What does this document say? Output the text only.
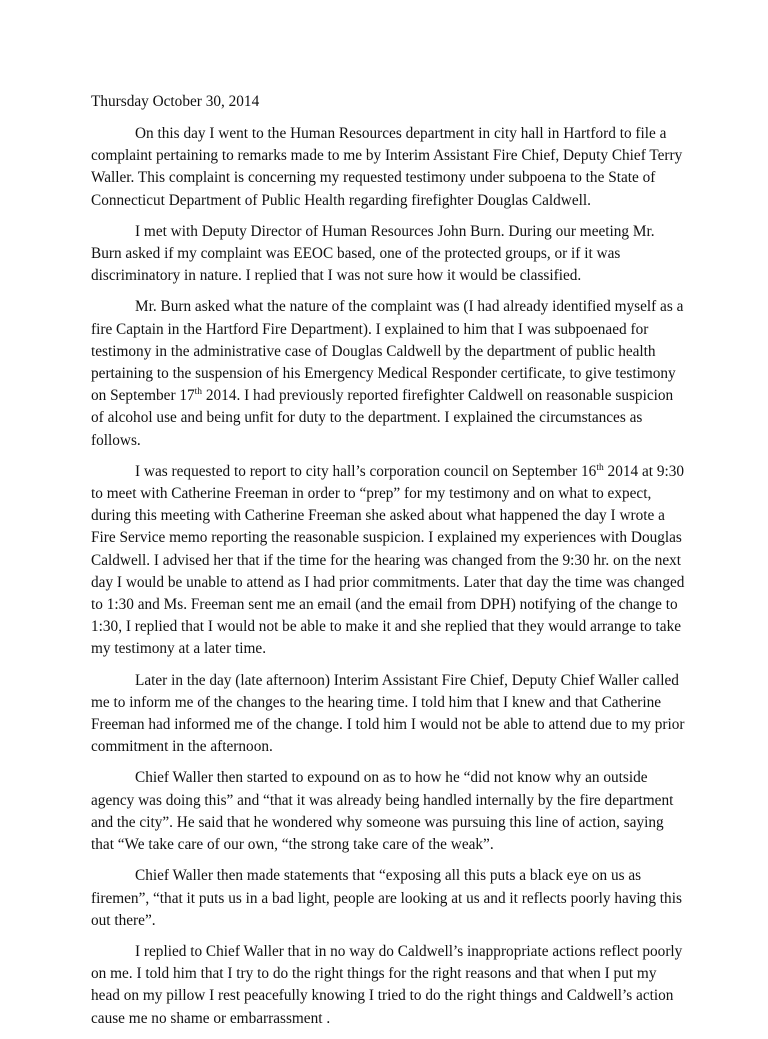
Thursday October 30, 2014

On this day I went to the Human Resources department in city hall in Hartford to file a complaint pertaining to remarks made to me by Interim Assistant Fire Chief, Deputy Chief Terry Waller. This complaint is concerning my requested testimony under subpoena to the State of Connecticut Department of Public Health regarding firefighter Douglas Caldwell.

I met with Deputy Director of Human Resources John Burn. During our meeting Mr. Burn asked if my complaint was EEOC based, one of the protected groups, or if it was discriminatory in nature. I replied that I was not sure how it would be classified.

Mr. Burn asked what the nature of the complaint was (I had already identified myself as a fire Captain in the Hartford Fire Department). I explained to him that I was subpoenaed for testimony in the administrative case of Douglas Caldwell by the department of public health pertaining to the suspension of his Emergency Medical Responder certificate, to give testimony on September 17th 2014. I had previously reported firefighter Caldwell on reasonable suspicion of alcohol use and being unfit for duty to the department. I explained the circumstances as follows.

I was requested to report to city hall’s corporation council on September 16th 2014 at 9:30 to meet with Catherine Freeman in order to “prep” for my testimony and on what to expect, during this meeting with Catherine Freeman she asked about what happened the day I wrote a Fire Service memo reporting the reasonable suspicion. I explained my experiences with Douglas Caldwell. I advised her that if the time for the hearing was changed from the 9:30 hr. on the next day I would be unable to attend as I had prior commitments. Later that day the time was changed to 1:30 and Ms. Freeman sent me an email (and the email from DPH) notifying of the change to 1:30, I replied that I would not be able to make it and she replied that they would arrange to take my testimony at a later time.

Later in the day (late afternoon) Interim Assistant Fire Chief, Deputy Chief Waller called me to inform me of the changes to the hearing time. I told him that I knew and that Catherine Freeman had informed me of the change. I told him I would not be able to attend due to my prior commitment in the afternoon.

Chief Waller then started to expound on as to how he “did not know why an outside agency was doing this” and “that it was already being handled internally by the fire department and the city”. He said that he wondered why someone was pursuing this line of action, saying that “We take care of our own, “the strong take care of the weak”.

Chief Waller then made statements that “exposing all this puts a black eye on us as firemen”, “that it puts us in a bad light, people are looking at us and it reflects poorly having this out there”.

I replied to Chief Waller that in no way do Caldwell’s inappropriate actions reflect poorly on me. I told him that I try to do the right things for the right reasons and that when I put my head on my pillow I rest peacefully knowing I tried to do the right things and Caldwell’s action cause me no shame or embarrassment .
